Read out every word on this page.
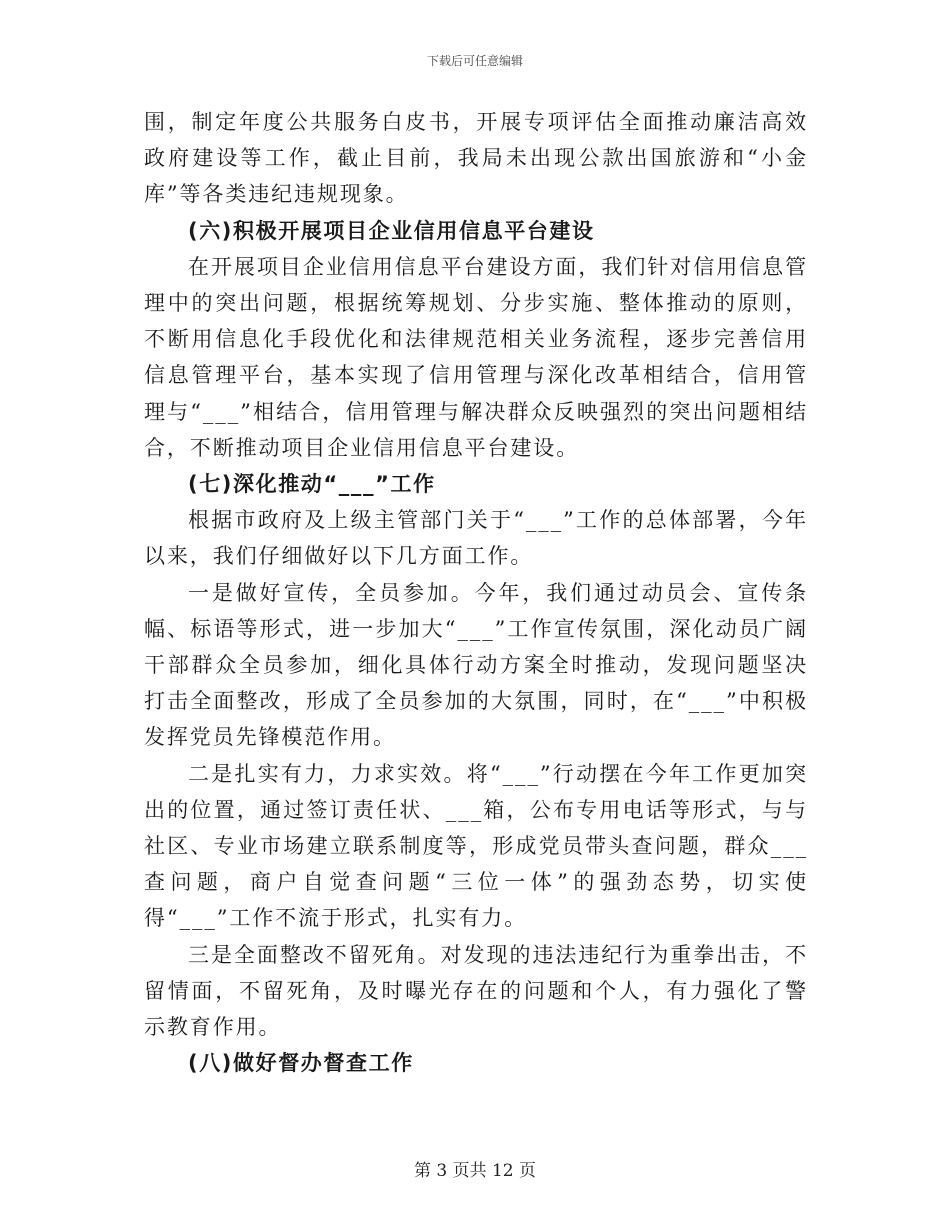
下载后可任意编辑

围，制定年度公共服务白皮书，开展专项评估全面推动廉洁高效政府建设等工作，截止目前，我局未出现公款出国旅游和“小金库”等各类违纪违规现象。

(六)积极开展项目企业信用信息平台建设

在开展项目企业信用信息平台建设方面，我们针对信用信息管理中的突出问题，根据统筹规划、分步实施、整体推动的原则，不断用信息化手段优化和法律规范相关业务流程，逐步完善信用信息管理平台，基本实现了信用管理与深化改革相结合，信用管理与“___”相结合，信用管理与解决群众反映强烈的突出问题相结合，不断推动项目企业信用信息平台建设。

(七)深化推动“___”工作

根据市政府及上级主管部门关于“___”工作的总体部署，今年以来，我们仔细做好以下几方面工作。

一是做好宣传，全员参加。今年，我们通过动员会、宣传条幅、标语等形式，进一步加大“___”工作宣传氛围，深化动员广阔干部群众全员参加，细化具体行动方案全时推动，发现问题坚决打击全面整改，形成了全员参加的大氛围，同时，在“___”中积极发挥党员先锋模范作用。

二是扎实有力，力求实效。将“___”行动摆在今年工作更加突出的位置，通过签订责任状、___箱，公布专用电话等形式，与与社区、专业市场建立联系制度等，形成党员带头查问题，群众___查问题，商户自觉查问题“三位一体”的强劲态势，切实使得“___”工作不流于形式，扎实有力。

三是全面整改不留死角。对发现的违法违纪行为重拳出击，不留情面，不留死角，及时曝光存在的问题和个人，有力强化了警示教育作用。

(八)做好督办督查工作

第 3 页共 12 页
